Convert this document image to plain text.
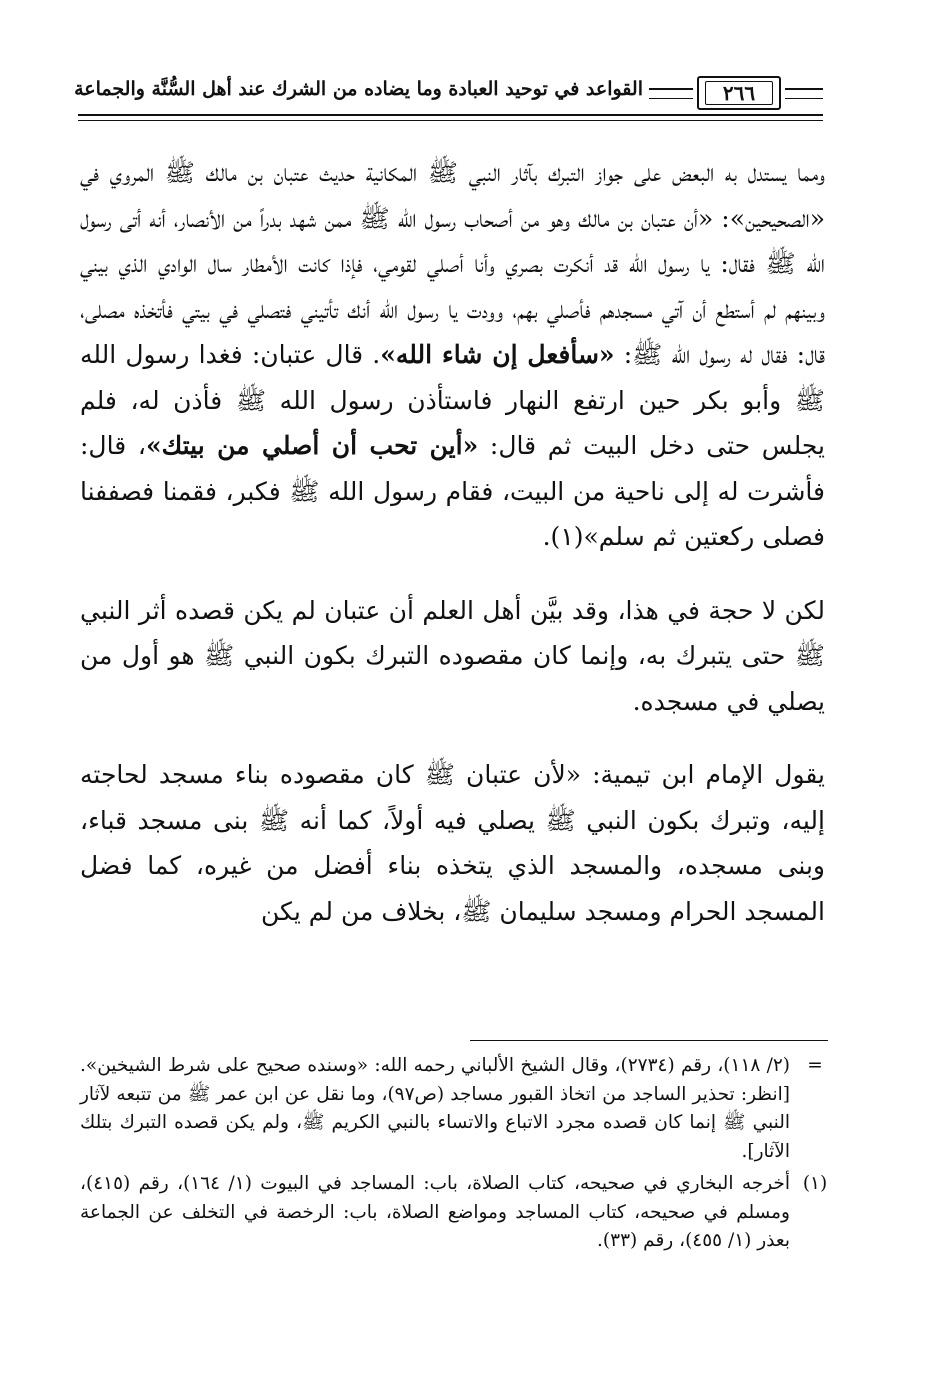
٢٦٦
القواعد في توحيد العبادة وما يضاده من الشرك عند أهل السُّنَّة والجماعة

ومما يستدل به البعض على جواز التبرك بآثار النبي ﷺ المكانية حديث عتبان بن مالك ﷺ المروي في «الصحيحين»: «أن عتبان بن مالك وهو من أصحاب رسول الله ﷺ ممن شهد بدراً من الأنصار، أنه أتى رسول الله ﷺ فقال: يا رسول الله قد أنكرت بصري وأنا أصلي لقومي، فإذا كانت الأمطار سال الوادي الذي بيني وبينهم لم أستطع أن آتي مسجدهم فأصلي بهم، وودت يا رسول الله أنك تأتيني فتصلي في بيتي فأتخذه مصلى، قال: فقال له رسول الله ﷺ: «سأفعل إن شاء الله». قال عتبان: فغدا رسول الله ﷺ وأبو بكر حين ارتفع النهار فاستأذن رسول الله ﷺ فأذن له، فلم يجلس حتى دخل البيت ثم قال: «أين تحب أن أصلي من بيتك»، قال: فأشرت له إلى ناحية من البيت، فقام رسول الله ﷺ فكبر، فقمنا فصففنا فصلى ركعتين ثم سلم»(١).

لكن لا حجة في هذا، وقد بيَّن أهل العلم أن عتبان لم يكن قصده أثر النبي ﷺ حتى يتبرك به، وإنما كان مقصوده التبرك بكون النبي ﷺ هو أول من يصلي في مسجده.

يقول الإمام ابن تيمية: «لأن عتبان ﷺ كان مقصوده بناء مسجد لحاجته إليه، وتبرك بكون النبي ﷺ يصلي فيه أولاً، كما أنه ﷺ بنى مسجد قباء، وبنى مسجده، والمسجد الذي يتخذه بناء أفضل من غيره، كما فضل المسجد الحرام ومسجد سليمان ﷺ، بخلاف من لم يكن

=
(٢/ ١١٨)، رقم (٢٧٣٤)، وقال الشيخ الألباني رحمه الله: «وسنده صحيح على شرط الشيخين». [انظر: تحذير الساجد من اتخاذ القبور مساجد (ص٩٧)، وما نقل عن ابن عمر ﷺ من تتبعه لآثار النبي ﷺ إنما كان قصده مجرد الاتباع والاتساء بالنبي الكريم ﷺ، ولم يكن قصده التبرك بتلك الآثار].
(١)
أخرجه البخاري في صحيحه، كتاب الصلاة، باب: المساجد في البيوت (١/ ١٦٤)، رقم (٤١٥)، ومسلم في صحيحه، كتاب المساجد ومواضع الصلاة، باب: الرخصة في التخلف عن الجماعة بعذر (١/ ٤٥٥)، رقم (٣٣).
